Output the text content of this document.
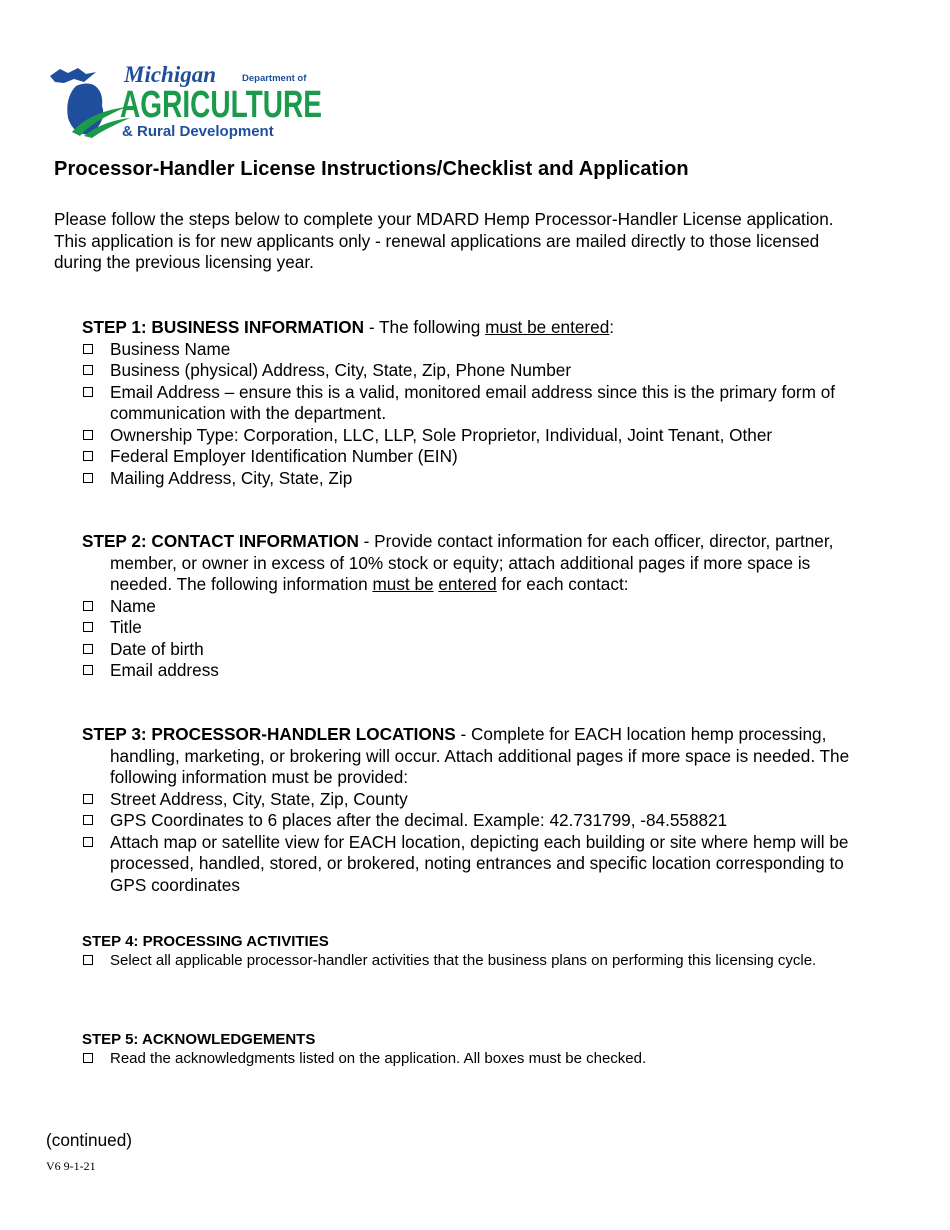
Michigan	Department of
AGRICULTURE
& Rural Development
Processor-Handler License Instructions/Checklist and Application

Please follow the steps below to complete your MDARD Hemp Processor-Handler License application. This application is for new applicants only - renewal applications are mailed directly to those licensed during the previous licensing year.

STEP 1: BUSINESS INFORMATION - The following must be entered:

Business Name
Business (physical) Address, City, State, Zip, Phone Number
Email Address – ensure this is a valid, monitored email address since this is the primary form of communication with the department.
Ownership Type: Corporation, LLC, LLP, Sole Proprietor, Individual, Joint Tenant, Other
Federal Employer Identification Number (EIN)
Mailing Address, City, State, Zip

STEP 2: CONTACT INFORMATION - Provide contact information for each officer, director, partner, member, or owner in excess of 10% stock or equity; attach additional pages if more space is needed. The following information must be entered for each contact:

Name
Title
Date of birth
Email address

STEP 3: PROCESSOR-HANDLER LOCATIONS - Complete for EACH location hemp processing, handling, marketing, or brokering will occur. Attach additional pages if more space is needed. The following information must be provided:

Street Address, City, State, Zip, County
GPS Coordinates to 6 places after the decimal. Example: 42.731799, -84.558821
Attach map or satellite view for EACH location, depicting each building or site where hemp will be processed, handled, stored, or brokered, noting entrances and specific location corresponding to GPS coordinates

STEP 4: PROCESSING ACTIVITIES

Select all applicable processor-handler activities that the business plans on performing this licensing cycle.

STEP 5: ACKNOWLEDGEMENTS

Read the acknowledgments listed on the application. All boxes must be checked.

(continued)

V6 9-1-21
